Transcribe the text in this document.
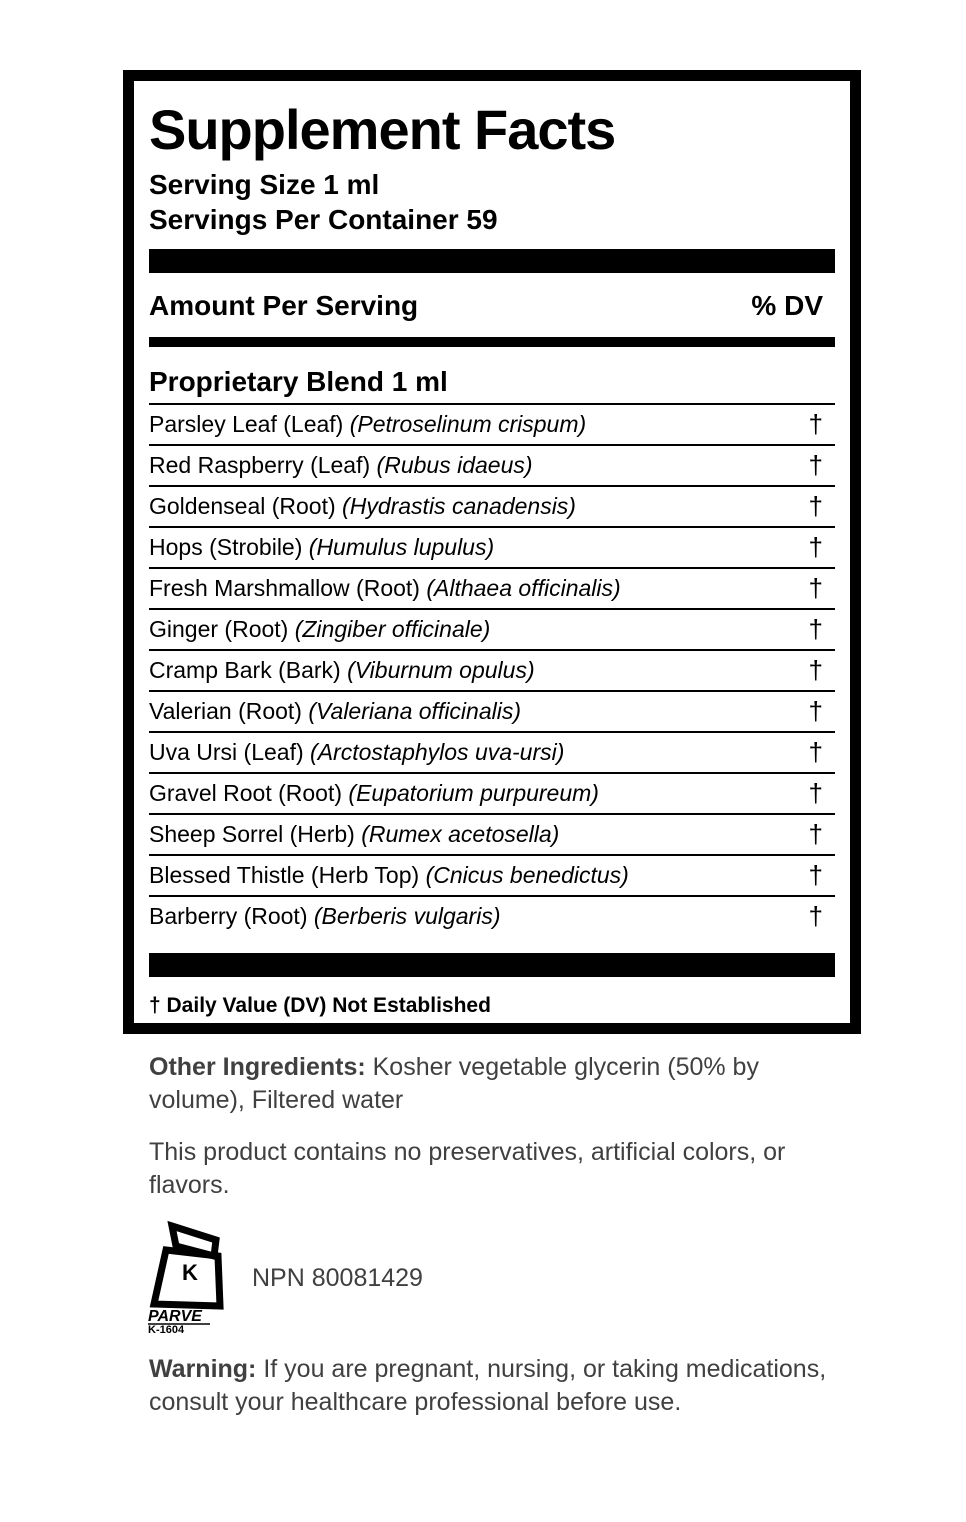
Supplement Facts
Serving Size 1 ml
Servings Per Container 59
Amount Per Serving	% DV
Proprietary Blend 1 ml
Parsley Leaf (Leaf) (Petroselinum crispum)	†
Red Raspberry (Leaf) (Rubus idaeus)	†
Goldenseal (Root) (Hydrastis canadensis)	†
Hops (Strobile) (Humulus lupulus)	†
Fresh Marshmallow (Root) (Althaea officinalis)	†
Ginger (Root) (Zingiber officinale)	†
Cramp Bark (Bark) (Viburnum opulus)	†
Valerian (Root) (Valeriana officinalis)	†
Uva Ursi (Leaf) (Arctostaphylos uva-ursi)	†
Gravel Root (Root) (Eupatorium purpureum)	†
Sheep Sorrel (Herb) (Rumex acetosella)	†
Blessed Thistle (Herb Top) (Cnicus benedictus)	†
Barberry (Root) (Berberis vulgaris)	†
† Daily Value (DV) Not Established
Other Ingredients: Kosher vegetable glycerin (50% by volume), Filtered water
This product contains no preservatives, artificial colors, or flavors.
K
PARVE
K-1604
NPN 80081429
Warning: If you are pregnant, nursing, or taking medications, consult your healthcare professional before use.
